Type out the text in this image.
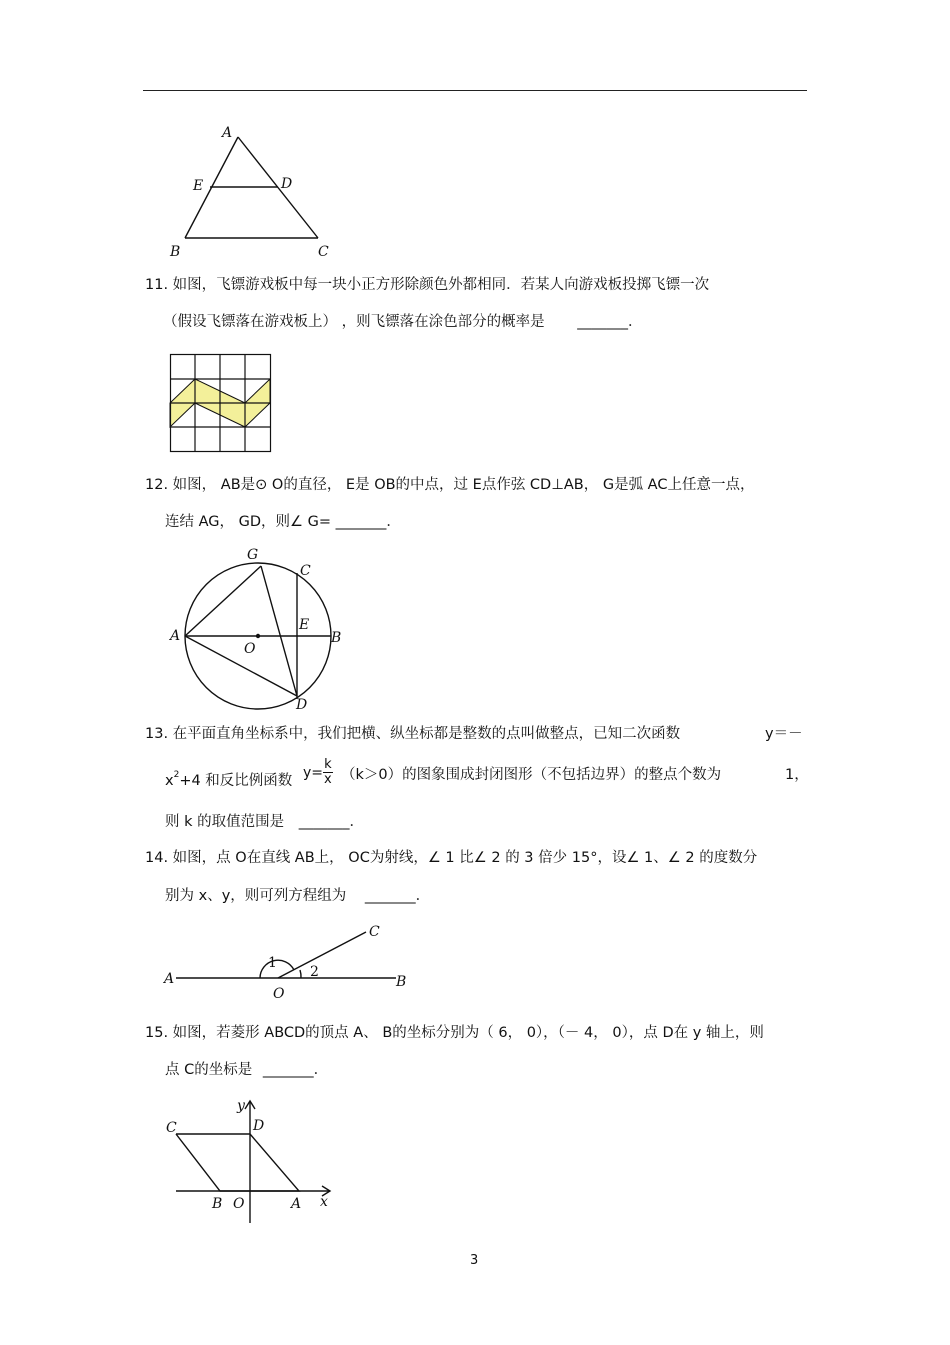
A
E	D
B	C
11. 如图，飞镖游戏板中每一块小正方形除颜色外都相同．若某人向游戏板投掷飞镖一次
（假设飞镖落在游戏板上） ，则飞镖落在涂色部分的概率是 _______．
12. 如图， AB是⊙ O的直径， E是 OB的中点，过 E点作弦 CD⊥AB， G是弧 AC上任意一点，
连结 AG， GD，则∠ G= _______．
G
C
E
A	B
O
D
13. 在平面直角坐标系中，我们把横、纵坐标都是整数的点叫做整点，已知二次函数	y＝－
$x^2+4$ 和反比例函数
$y= \frac{k}{x} (k>0)$的图象围成封闭图形（不包括边界）的整点个数为	1，
则 k 的取值范围是 _______．
14. 如图，点 O在直线 AB上， OC为射线，∠ 1 比∠ 2 的 3 倍少 15°，设∠ 1、∠ 2 的度数分
别为 x、y，则可列方程组为 _______．
C
1
2
A	B
O
15. 如图，若菱形 ABCD的顶点 A、 B的坐标分别为（ 6， 0），（－ 4， 0），点 D在 y 轴上，则
点 C的坐标是 _______．
y
C	D
B O	A x
3
